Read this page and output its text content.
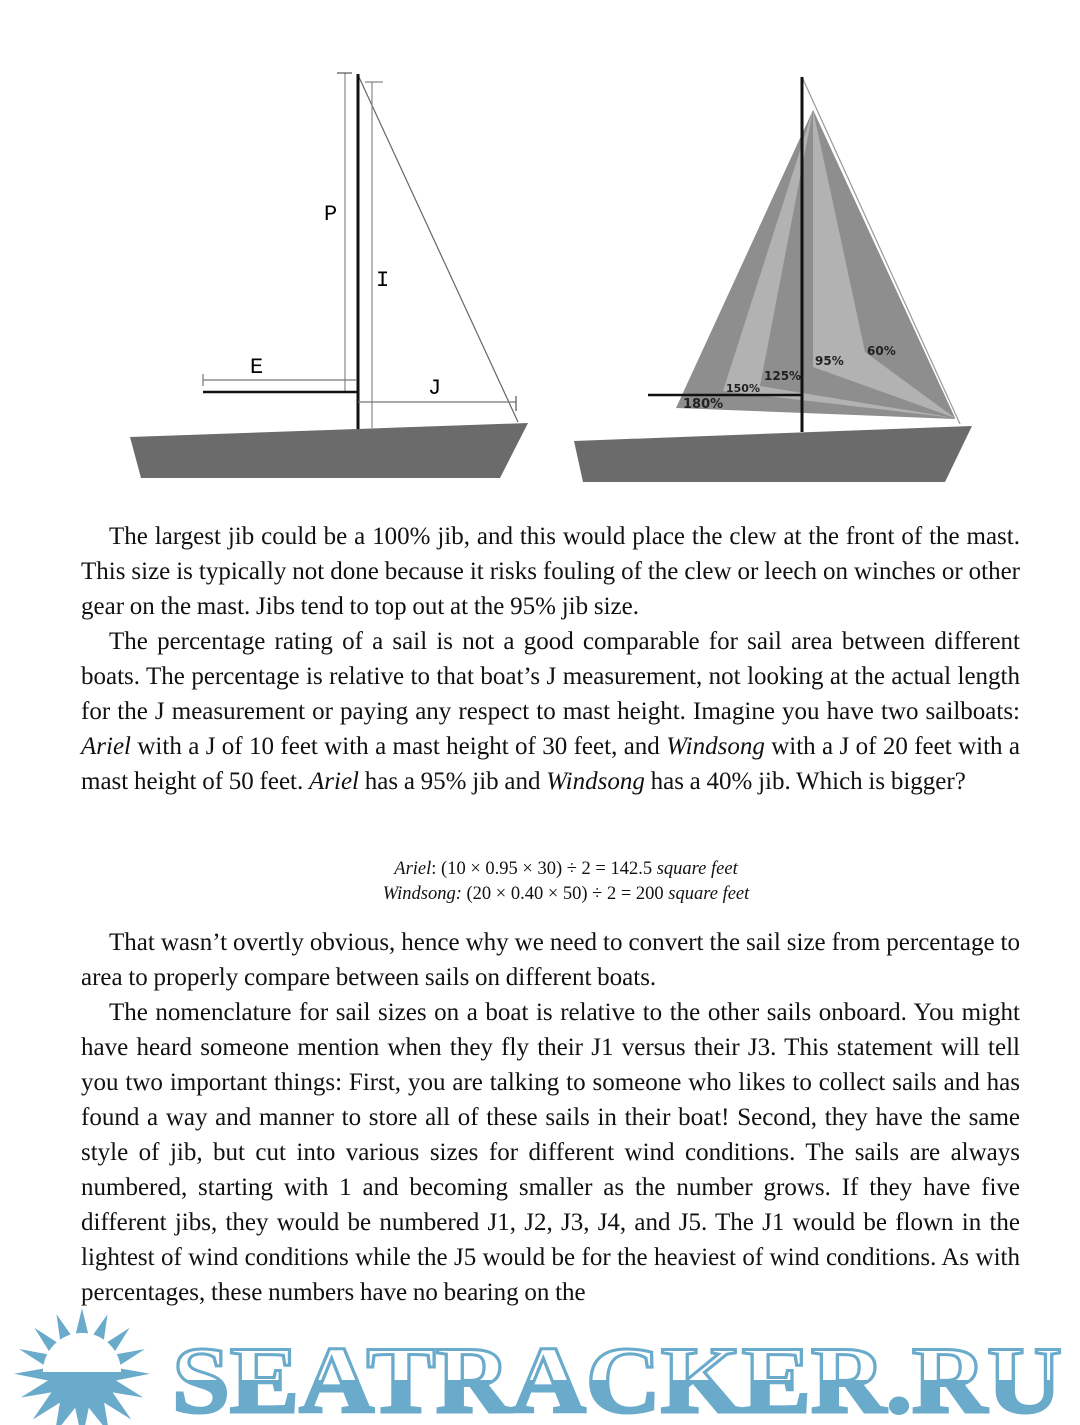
P
I
E
J
180%
150%
125%
95%
60%

The largest jib could be a 100% jib, and this would place the clew at the front of the mast. This size is typically not done because it risks fouling of the clew or leech on winches or other gear on the mast. Jibs tend to top out at the 95% jib size.

The percentage rating of a sail is not a good comparable for sail area between different boats. The percentage is relative to that boat’s J measurement, not looking at the actual length for the J measurement or paying any respect to mast height. Imagine you have two sailboats: Ariel with a J of 10 feet with a mast height of 30 feet, and Windsong with a J of 20 feet with a mast height of 50 feet. Ariel has a 95% jib and Windsong has a 40% jib. Which is bigger?

Ariel: (10 × 0.95 × 30) ÷ 2 = 142.5 square feet
Windsong: (20 × 0.40 × 50) ÷ 2 = 200 square feet

That wasn’t overtly obvious, hence why we need to convert the sail size from percentage to area to properly compare between sails on different boats.

The nomenclature for sail sizes on a boat is relative to the other sails onboard. You might have heard someone mention when they fly their J1 versus their J3. This statement will tell you two important things: First, you are talking to someone who likes to collect sails and has found a way and manner to store all of these sails in their boat! Second, they have the same style of jib, but cut into various sizes for different wind conditions. The sails are always numbered, starting with 1 and becoming smaller as the number grows. If they have five different jibs, they would be numbered J1, J2, J3, J4, and J5. The J1 would be flown in the lightest of wind conditions while the J5 would be for the heaviest of wind conditions. As with percentages, these numbers have no bearing on the

SEATRACKER.RU
